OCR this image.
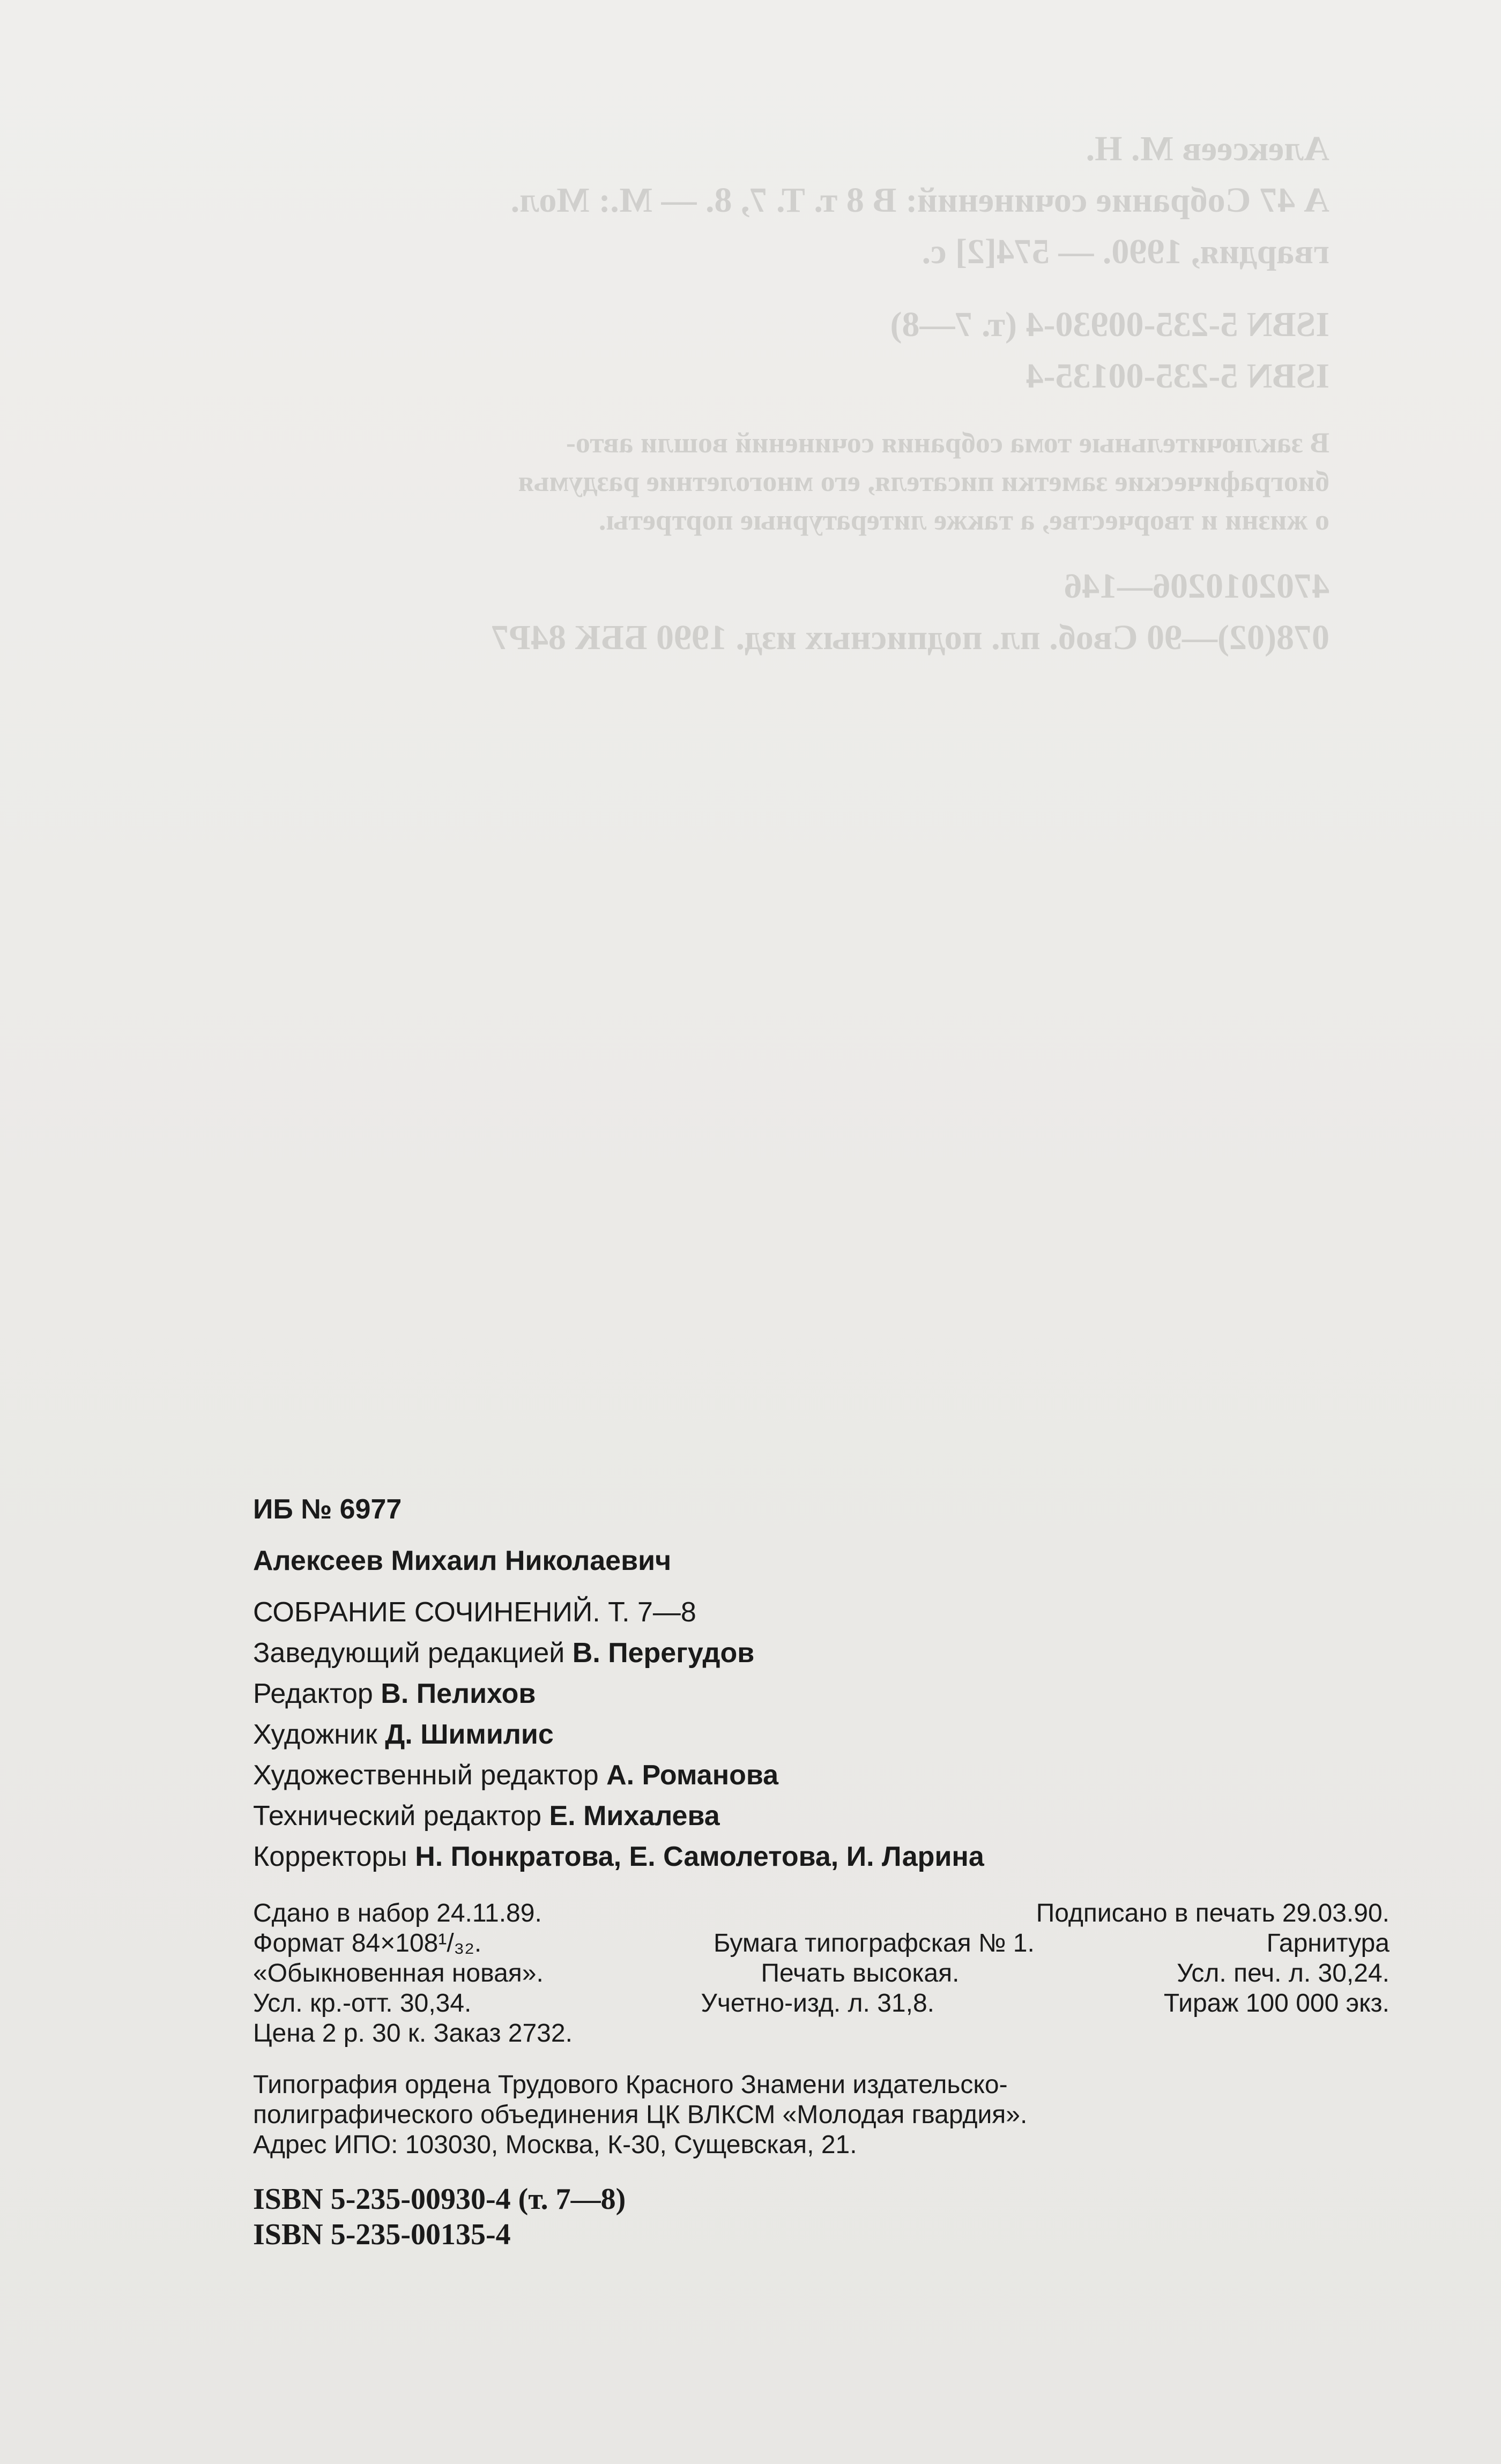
Алексеев М. Н.
А 47 Собрание сочинений: В 8 т. Т. 7, 8. — М.: Мол.
гвардия, 1990. — 574[2] с.
ISBN 5-235-00930-4 (т. 7—8)
ISBN 5-235-00135-4
В заключительные тома собрания сочинений вошли авто-
биографические заметки писателя, его многолетние раздумья
о жизни и творчестве, а также литературные портреты.
4702010206—146
078(02)—90 Своб. пл. подписных изд. 1990 ББК 84Р7
ИБ № 6977
Алексеев Михаил Николаевич
СОБРАНИЕ СОЧИНЕНИЙ. Т. 7—8
Заведующий редакцией В. Перегудов
Редактор В. Пелихов
Художник Д. Шимилис
Художественный редактор А. Романова
Технический редактор Е. Михалева
Корректоры Н. Понкратова, Е. Самолетова, И. Ларина
Сдано в набор 24.11.89.	Подписано в печать 29.03.90.
Формат 84×108¹/₃₂.	Бумага типографская № 1.	Гарнитура
«Обыкновенная новая».	Печать высокая.	Усл. печ. л. 30,24.
Усл. кр.-отт. 30,34.	Учетно-изд. л. 31,8.	Тираж 100 000 экз.
Цена 2 р. 30 к. Заказ 2732.
Типография ордена Трудового Красного Знамени издательско-
полиграфического объединения ЦК ВЛКСМ «Молодая гвардия».
Адрес ИПО: 103030, Москва, К-30, Сущевская, 21.
ISBN 5-235-00930-4 (т. 7—8)
ISBN 5-235-00135-4
